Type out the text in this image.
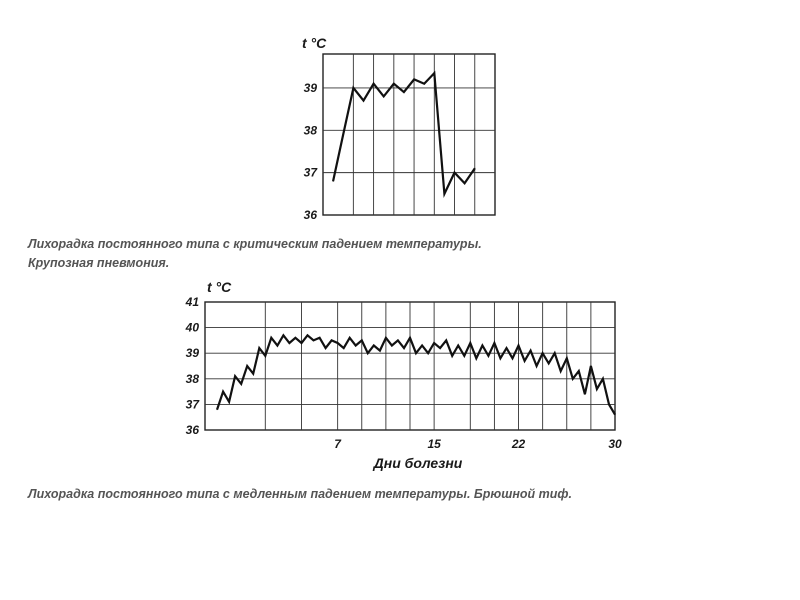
36
37
38
39
t °C
Лихорадка постоянного типа с критическим падением температуры.
Крупозная пневмония.
36
37
38
39
40
41
t °C
7	15	22	30
Дни болезни
Лихорадка постоянного типа с медленным падением температуры. Брюшной тиф.
